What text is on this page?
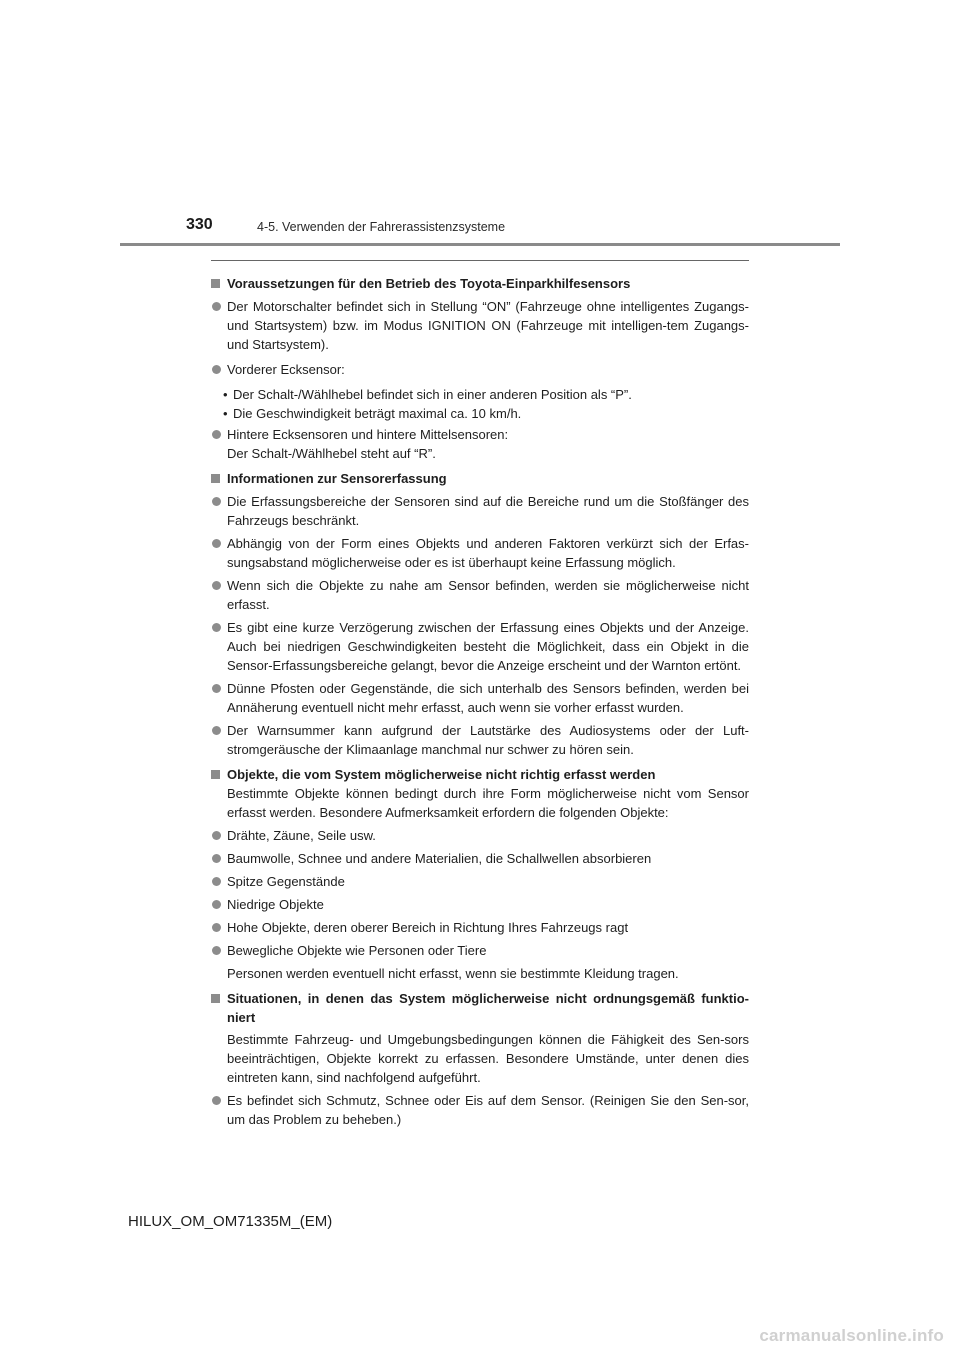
330	4-5. Verwenden der Fahrerassistenzsysteme
Voraussetzungen für den Betrieb des Toyota-Einparkhilfesensors
Der Motorschalter befindet sich in Stellung “ON” (Fahrzeuge ohne intelligentes Zugangs- und Startsystem) bzw. im Modus IGNITION ON (Fahrzeuge mit intelligen-tem Zugangs- und Startsystem).
Vorderer Ecksensor:
• Der Schalt-/Wählhebel befindet sich in einer anderen Position als “P”.
• Die Geschwindigkeit beträgt maximal ca. 10 km/h.
Hintere Ecksensoren und hintere Mittelsensoren:
Der Schalt-/Wählhebel steht auf “R”.
Informationen zur Sensorerfassung
Die Erfassungsbereiche der Sensoren sind auf die Bereiche rund um die Stoßfänger des Fahrzeugs beschränkt.
Abhängig von der Form eines Objekts und anderen Faktoren verkürzt sich der Erfas-sungsabstand möglicherweise oder es ist überhaupt keine Erfassung möglich.
Wenn sich die Objekte zu nahe am Sensor befinden, werden sie möglicherweise nicht erfasst.
Es gibt eine kurze Verzögerung zwischen der Erfassung eines Objekts und der Anzeige. Auch bei niedrigen Geschwindigkeiten besteht die Möglichkeit, dass ein Objekt in die Sensor-Erfassungsbereiche gelangt, bevor die Anzeige erscheint und der Warnton ertönt.
Dünne Pfosten oder Gegenstände, die sich unterhalb des Sensors befinden, werden bei Annäherung eventuell nicht mehr erfasst, auch wenn sie vorher erfasst wurden.
Der Warnsummer kann aufgrund der Lautstärke des Audiosystems oder der Luft-stromgeräusche der Klimaanlage manchmal nur schwer zu hören sein.
Objekte, die vom System möglicherweise nicht richtig erfasst werden
Bestimmte Objekte können bedingt durch ihre Form möglicherweise nicht vom Sensor erfasst werden. Besondere Aufmerksamkeit erfordern die folgenden Objekte:
Drähte, Zäune, Seile usw.
Baumwolle, Schnee und andere Materialien, die Schallwellen absorbieren
Spitze Gegenstände
Niedrige Objekte
Hohe Objekte, deren oberer Bereich in Richtung Ihres Fahrzeugs ragt
Bewegliche Objekte wie Personen oder Tiere
Personen werden eventuell nicht erfasst, wenn sie bestimmte Kleidung tragen.
Situationen, in denen das System möglicherweise nicht ordnungsgemäß funktio-niert
Bestimmte Fahrzeug- und Umgebungsbedingungen können die Fähigkeit des Sen-sors beeinträchtigen, Objekte korrekt zu erfassen. Besondere Umstände, unter denen dies eintreten kann, sind nachfolgend aufgeführt.
Es befindet sich Schmutz, Schnee oder Eis auf dem Sensor. (Reinigen Sie den Sen-sor, um das Problem zu beheben.)
HILUX_OM_OM71335M_(EM)
carmanualsonline.info
